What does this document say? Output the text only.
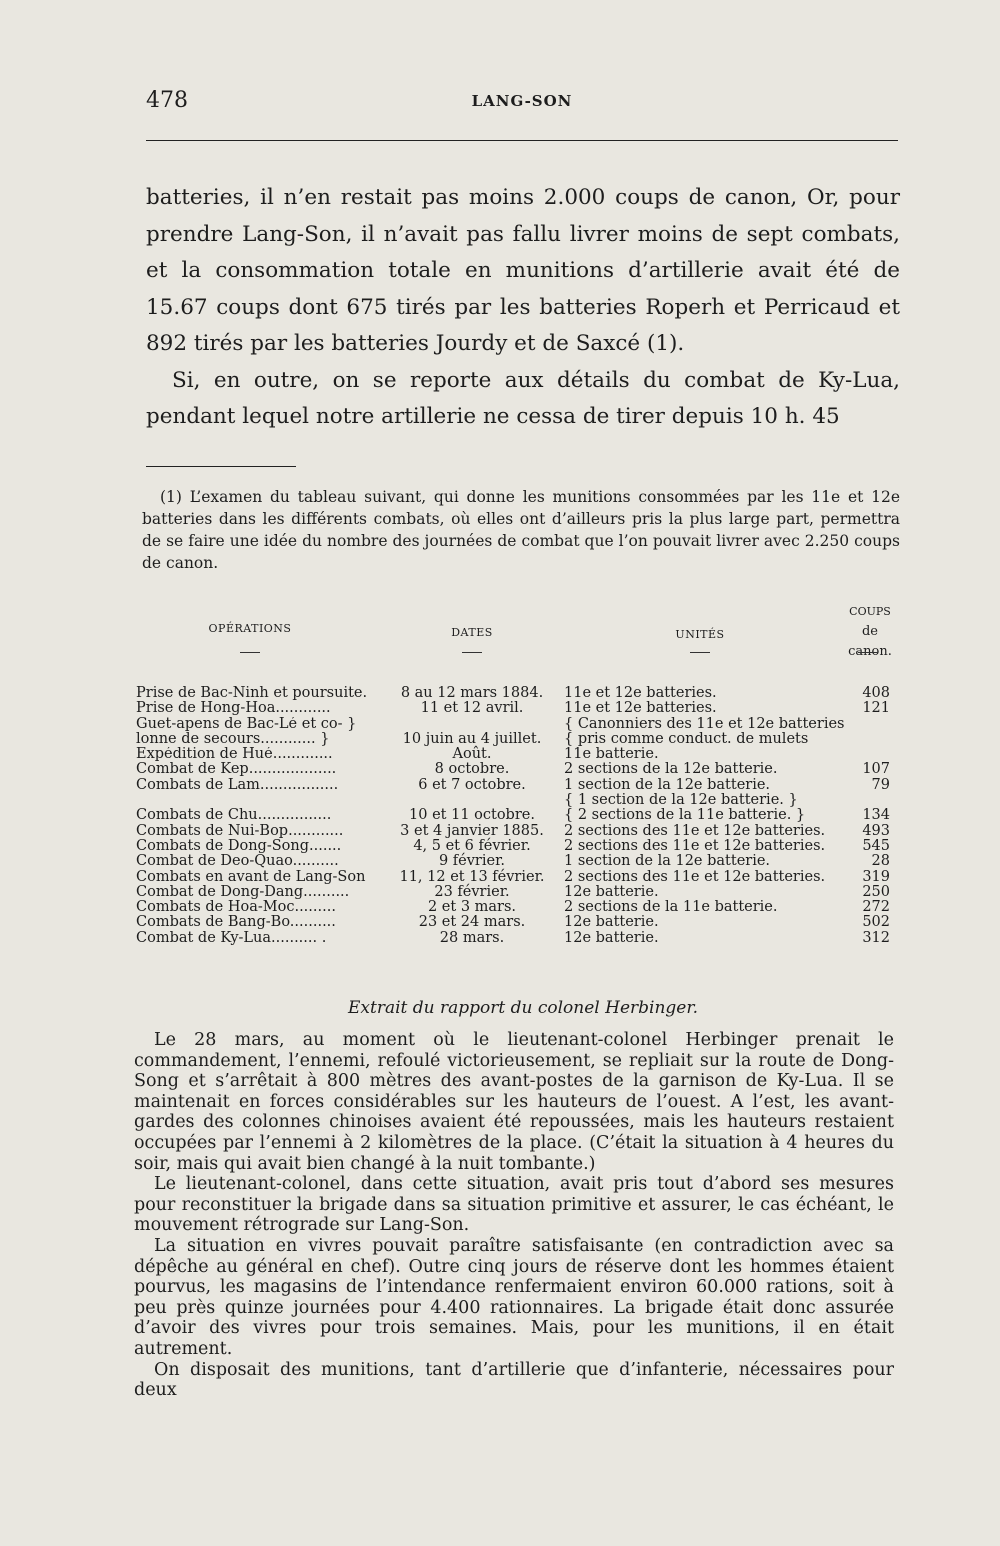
478	LANG-SON

batteries, il n’en restait pas moins 2.000 coups de canon, Or, pour prendre Lang-Son, il n’avait pas fallu livrer moins de sept combats, et la consommation totale en munitions d’artillerie avait été de 15.67 coups dont 675 tirés par les batteries Roperh et Perricaud et 892 tirés par les batteries Jourdy et de Saxcé (1).

Si, en outre, on se reporte aux détails du combat de Ky-Lua, pendant lequel notre artillerie ne cessa de tirer depuis 10 h. 45

(1) L’examen du tableau suivant, qui donne les munitions consommées par les 11e et 12e batteries dans les différents combats, où elles ont d’ailleurs pris la plus large part, permettra de se faire une idée du nombre des journées de combat que l’on pouvait livrer avec 2.250 coups de canon.

OPÉRATIONS	DATES	UNITÉS
COUPS
de
canon.
Prise de Bac-Ninh et poursuite.	8 au 12 mars 1884.	11e et 12e batteries.	408
Prise de Hong-Hoa............	11 et 12 avril.	11e et 12e batteries.	121
Guet-apens de Bac-Lé et co- }	{ Canonniers des 11e et 12e batteries
lonne de secours............ }	10 juin au 4 juillet.	{ pris comme conduct. de mulets
Expédition de Hué.............	Août.	11e batterie.
Combat de Kep...................	8 octobre.	2 sections de la 12e batterie.	107
Combats de Lam.................	6 et 7 octobre.	1 section de la 12e batterie.	79
{ 1 section de la 12e batterie. }
Combats de Chu................	10 et 11 octobre.	{ 2 sections de la 11e batterie. }	134
Combats de Nui-Bop............	3 et 4 janvier 1885.	2 sections des 11e et 12e batteries.	493
Combats de Dong-Song.......	4, 5 et 6 février.	2 sections des 11e et 12e batteries.	545
Combat de Deo-Quao..........	9 février.	1 section de la 12e batterie.	28
Combats en avant de Lang-Son	11, 12 et 13 février.	2 sections des 11e et 12e batteries.	319
Combat de Dong-Dang..........	23 février.	12e batterie.	250
Combats de Hoa-Moc.........	2 et 3 mars.	2 sections de la 11e batterie.	272
Combats de Bang-Bo..........	23 et 24 mars.	12e batterie.	502
Combat de Ky-Lua.......... .	28 mars.	12e batterie.	312
Extrait du rapport du colonel Herbinger.

Le 28 mars, au moment où le lieutenant-colonel Herbinger prenait le commandement, l’ennemi, refoulé victorieusement, se repliait sur la route de Dong-Song et s’arrêtait à 800 mètres des avant-postes de la garnison de Ky-Lua. Il se maintenait en forces considérables sur les hauteurs de l’ouest. A l’est, les avant-gardes des colonnes chinoises avaient été repoussées, mais les hauteurs restaient occupées par l’ennemi à 2 kilomètres de la place. (C’était la situation à 4 heures du soir, mais qui avait bien changé à la nuit tombante.)

Le lieutenant-colonel, dans cette situation, avait pris tout d’abord ses mesures pour reconstituer la brigade dans sa situation primitive et assurer, le cas échéant, le mouvement rétrograde sur Lang-Son.

La situation en vivres pouvait paraître satisfaisante (en contradiction avec sa dépêche au général en chef). Outre cinq jours de réserve dont les hommes étaient pourvus, les magasins de l’intendance renfermaient environ 60.000 rations, soit à peu près quinze journées pour 4.400 rationnaires. La brigade était donc assurée d’avoir des vivres pour trois semaines. Mais, pour les munitions, il en était autrement.

On disposait des munitions, tant d’artillerie que d’infanterie, nécessaires pour deux
